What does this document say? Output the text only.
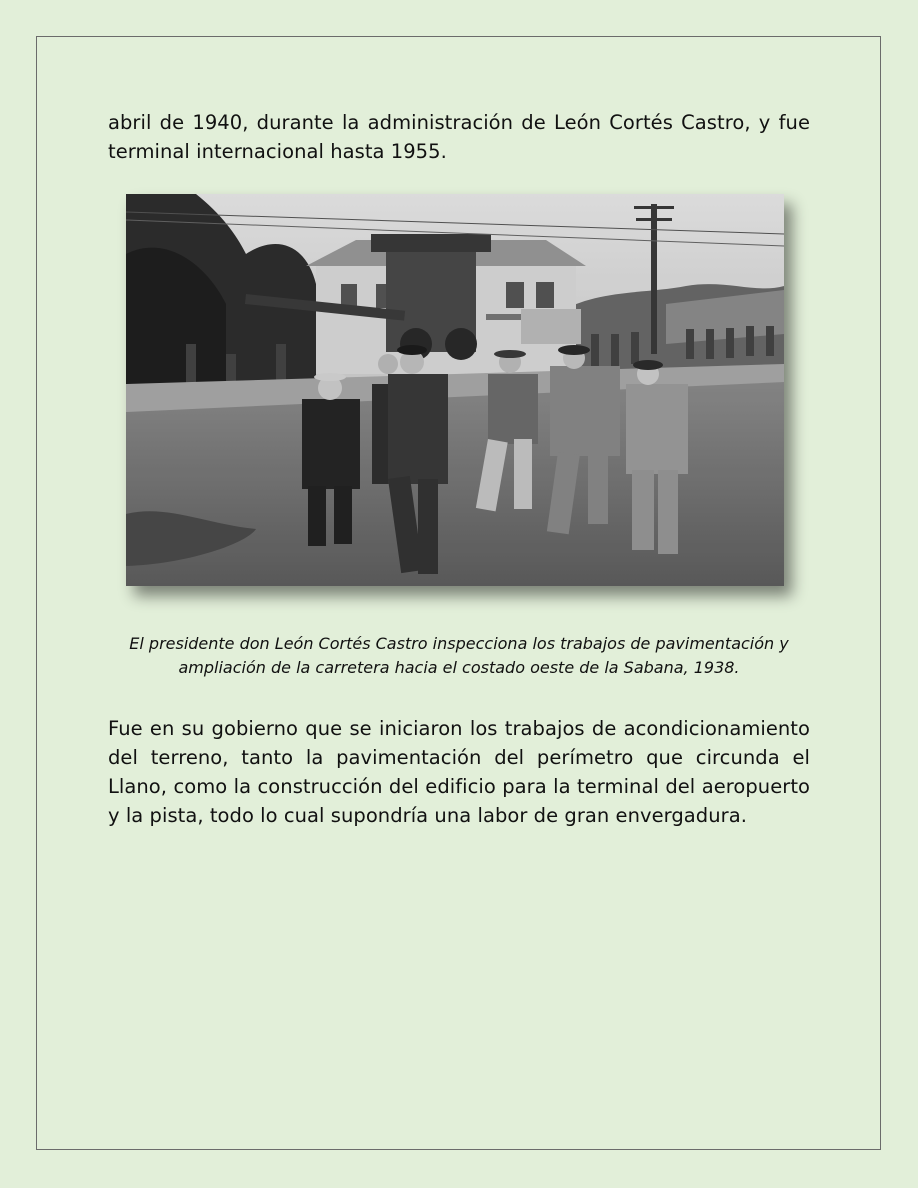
abril de 1940, durante la administración de León Cortés Castro, y fue terminal internacional hasta 1955.

El presidente don León Cortés Castro inspecciona los trabajos de pavimentación y ampliación de la carretera hacia el costado oeste de la Sabana, 1938.

Fue en su gobierno que se iniciaron los trabajos de acondicionamiento del terreno, tanto la pavimentación del perímetro que circunda el Llano, como la construcción del edificio para la terminal del aeropuerto y la pista, todo lo cual supondría una labor de gran envergadura.
